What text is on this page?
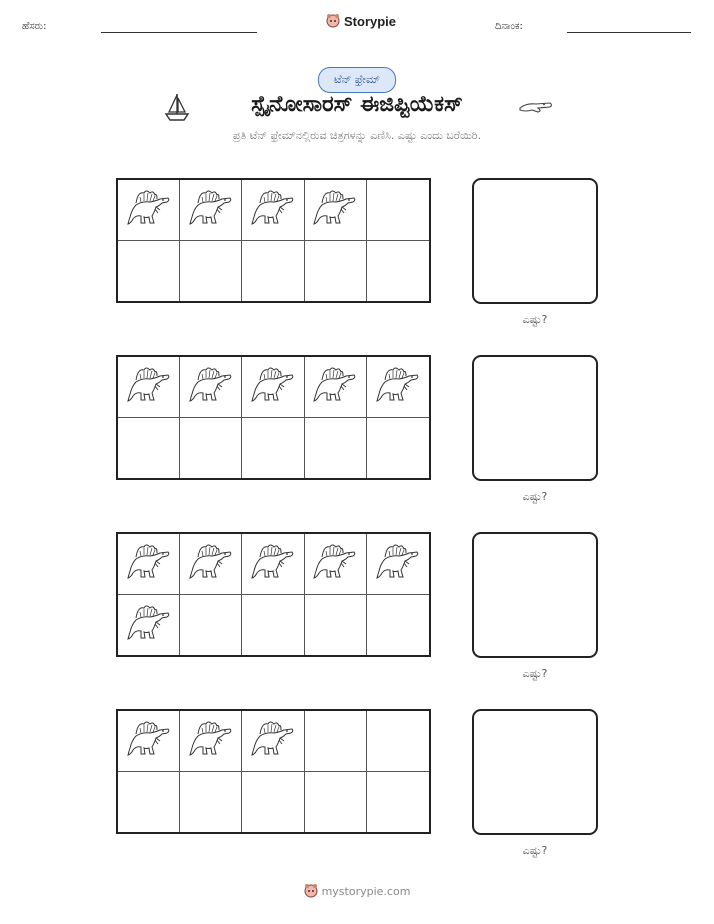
ಹೆಸರು:	Storypie	ದಿನಾಂಕ:
ಟೆನ್ ಫ್ರೇಮ್
ಸ್ಪೈನೋಸಾರಸ್ ಈಜಿಪ್ಟಿಯೆಕಸ್
ಪ್ರತಿ ಟೆನ್ ಫ್ರೇಮ್‌ನಲ್ಲಿರುವ ಚಿತ್ರಗಳನ್ನು ಎಣಿಸಿ. ಎಷ್ಟು ಎಂದು ಬರೆಯಿರಿ.
ಎಷ್ಟು?
ಎಷ್ಟು?
ಎಷ್ಟು?
ಎಷ್ಟು?
mystorypie.com
